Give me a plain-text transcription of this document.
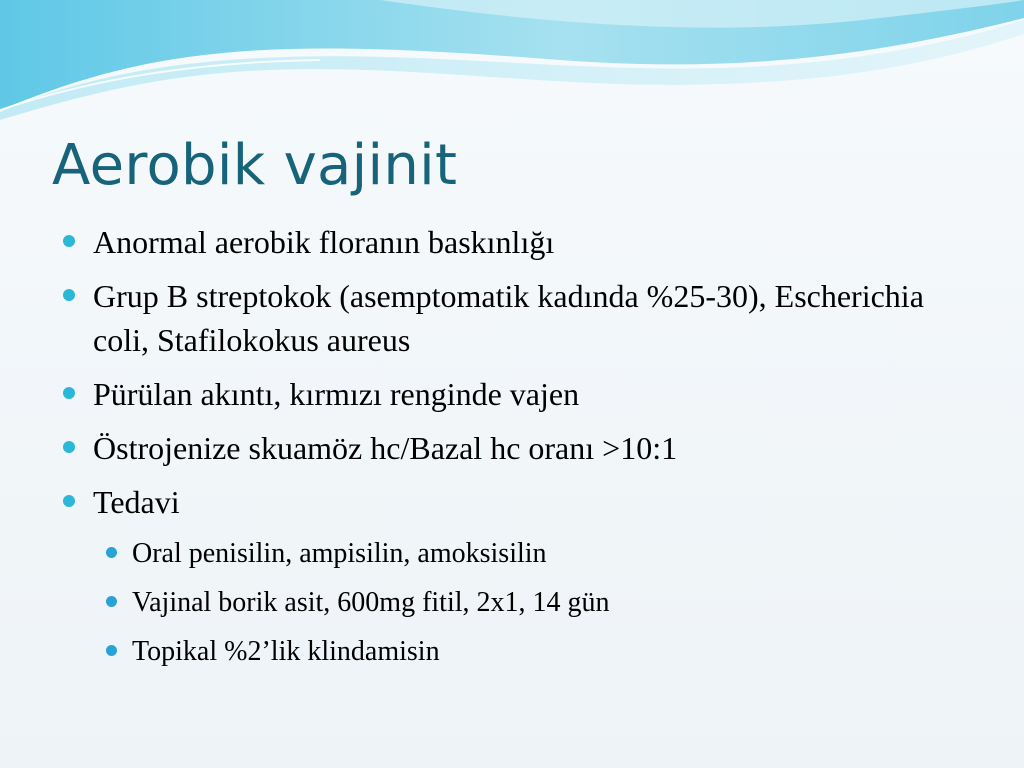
Aerobik vajinit
Anormal aerobik floranın baskınlığı
Grup B streptokok (asemptomatik kadında %25-30), Escherichia coli, Stafilokokus aureus
Pürülan akıntı, kırmızı renginde vajen
Östrojenize skuamöz hc/Bazal hc oranı >10:1
Tedavi
Oral penisilin, ampisilin, amoksisilin
Vajinal borik asit, 600mg fitil, 2x1, 14 gün
Topikal %2’lik klindamisin
